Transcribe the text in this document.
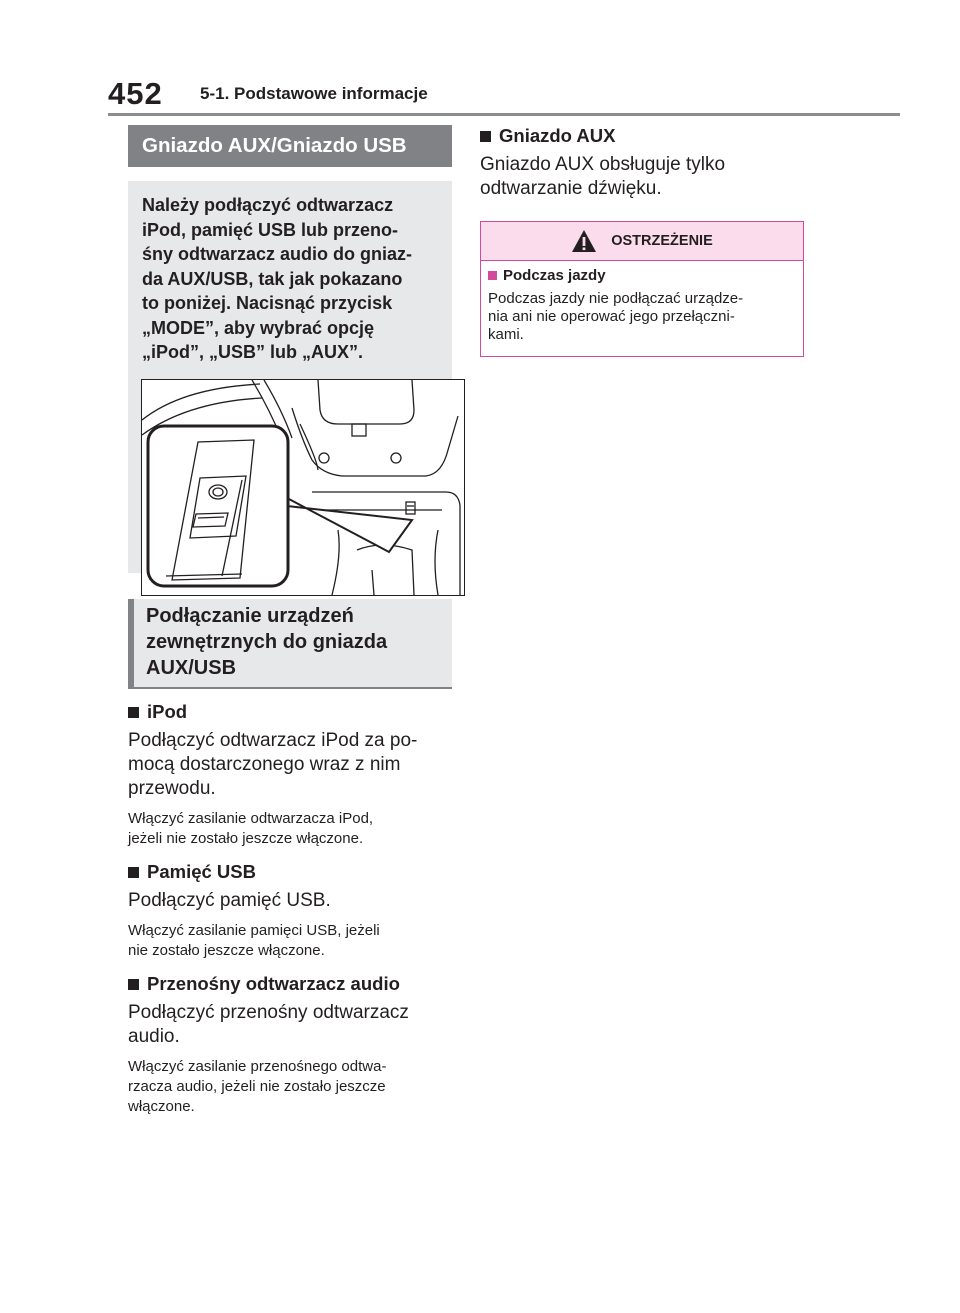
452 5-1. Podstawowe informacje
Gniazdo AUX/Gniazdo USB
Należy podłączyć odtwarzacz
iPod, pamięć USB lub przeno-
śny odtwarzacz audio do gniaz-
da AUX/USB, tak jak pokazano
to poniżej. Nacisnąć przycisk
„MODE”, aby wybrać opcję
„iPod”, „USB” lub „AUX”.
Podłączanie urządzeń
zewnętrznych do gniazda
AUX/USB
iPod
Podłączyć odtwarzacz iPod za po-
mocą dostarczonego wraz z nim
przewodu.
Włączyć zasilanie odtwarzacza iPod,
jeżeli nie zostało jeszcze włączone.
Pamięć USB
Podłączyć pamięć USB.
Włączyć zasilanie pamięci USB, jeżeli
nie zostało jeszcze włączone.
Przenośny odtwarzacz audio
Podłączyć przenośny odtwarzacz
audio.
Włączyć zasilanie przenośnego odtwa-
rzacza audio, jeżeli nie zostało jeszcze
włączone.
Gniazdo AUX
Gniazdo AUX obsługuje tylko
odtwarzanie dźwięku.
OSTRZEŻENIE
Podczas jazdy
Podczas jazdy nie podłączać urządze-
nia ani nie operować jego przełączni-
kami.
